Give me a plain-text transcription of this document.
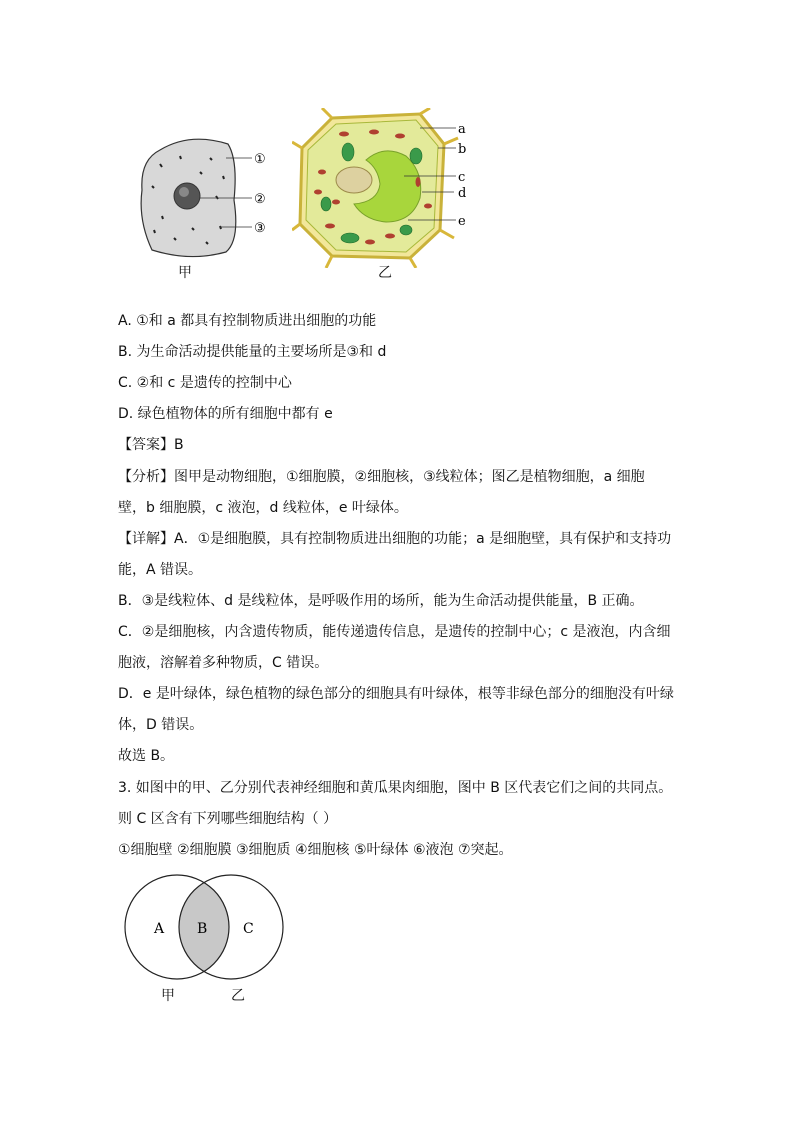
①
②
③
甲
a
b
c
d
e
乙
A. ①和 a 都具有控制物质进出细胞的功能
B. 为生命活动提供能量的主要场所是③和 d
C. ②和 c 是遗传的控制中心
D. 绿色植物体的所有细胞中都有 e
【答案】B
【分析】图甲是动物细胞，①细胞膜，②细胞核，③线粒体；图乙是植物细胞，a 细胞
壁，b 细胞膜，c 液泡，d 线粒体，e 叶绿体。
【详解】A．①是细胞膜，具有控制物质进出细胞的功能；a 是细胞壁，具有保护和支持功
能，A 错误。
B．③是线粒体、d 是线粒体，是呼吸作用的场所，能为生命活动提供能量，B 正确。
C．②是细胞核，内含遗传物质，能传递遗传信息，是遗传的控制中心；c 是液泡，内含细
胞液，溶解着多种物质，C 错误。
D．e 是叶绿体，绿色植物的绿色部分的细胞具有叶绿体，根等非绿色部分的细胞没有叶绿
体，D 错误。
故选 B。
3. 如图中的甲、乙分别代表神经细胞和黄瓜果肉细胞，图中 B 区代表它们之间的共同点。
则 C 区含有下列哪些细胞结构（ ）
①细胞壁 ②细胞膜 ③细胞质 ④细胞核 ⑤叶绿体 ⑥液泡 ⑦突起。
A B	C
甲	乙
